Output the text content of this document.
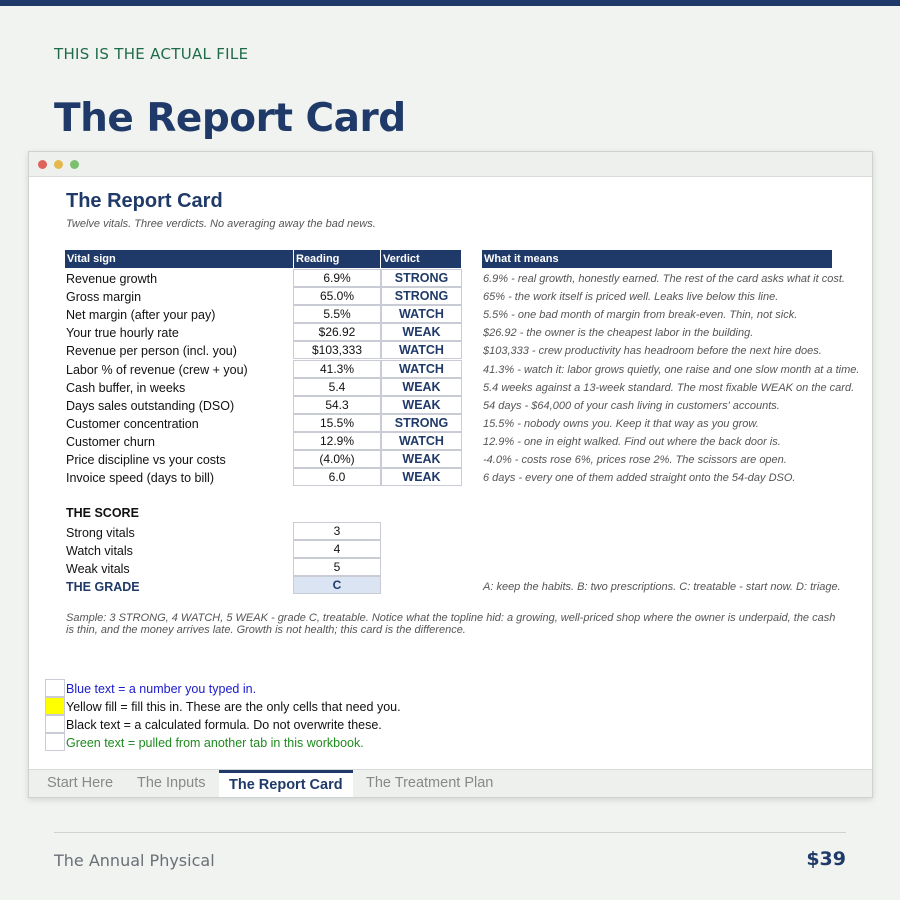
THIS IS THE ACTUAL FILE
The Report Card
The Report Card
Twelve vitals. Three verdicts. No averaging away the bad news.
Vital sign	Reading	Verdict	What it means
Revenue growth	6.9%	STRONG	6.9% - real growth, honestly earned. The rest of the card asks what it cost.
Gross margin	65.0%	STRONG	65% - the work itself is priced well. Leaks live below this line.
Net margin (after your pay)	5.5%	WATCH	5.5% - one bad month of margin from break-even. Thin, not sick.
Your true hourly rate	$26.92	WEAK	$26.92 - the owner is the cheapest labor in the building.
Revenue per person (incl. you)	$103,333	WATCH	$103,333 - crew productivity has headroom before the next hire does.
Labor % of revenue (crew + you)	41.3%	WATCH	41.3% - watch it: labor grows quietly, one raise and one slow month at a time.
Cash buffer, in weeks	5.4	WEAK	5.4 weeks against a 13-week standard. The most fixable WEAK on the card.
Days sales outstanding (DSO)	54.3	WEAK	54 days - $64,000 of your cash living in customers' accounts.
Customer concentration	15.5%	STRONG	15.5% - nobody owns you. Keep it that way as you grow.
Customer churn	12.9%	WATCH	12.9% - one in eight walked. Find out where the back door is.
Price discipline vs your costs	(4.0%)	WEAK	-4.0% - costs rose 6%, prices rose 2%. The scissors are open.
Invoice speed (days to bill)	6.0	WEAK	6 days - every one of them added straight onto the 54-day DSO.
THE SCORE
Strong vitals	3
Watch vitals	4
Weak vitals	5
THE GRADE	C	A: keep the habits. B: two prescriptions. C: treatable - start now. D: triage.
Sample: 3 STRONG, 4 WATCH, 5 WEAK - grade C, treatable. Notice what the topline hid: a growing, well-priced shop where the owner is underpaid, the cash is thin, and the money arrives late. Growth is not health; this card is the difference.
Blue text = a number you typed in.
Yellow fill = fill this in. These are the only cells that need you.
Black text = a calculated formula. Do not overwrite these.
Green text = pulled from another tab in this workbook.
Start Here	The Inputs	The Report Card	The Treatment Plan
The Annual Physical	$39
